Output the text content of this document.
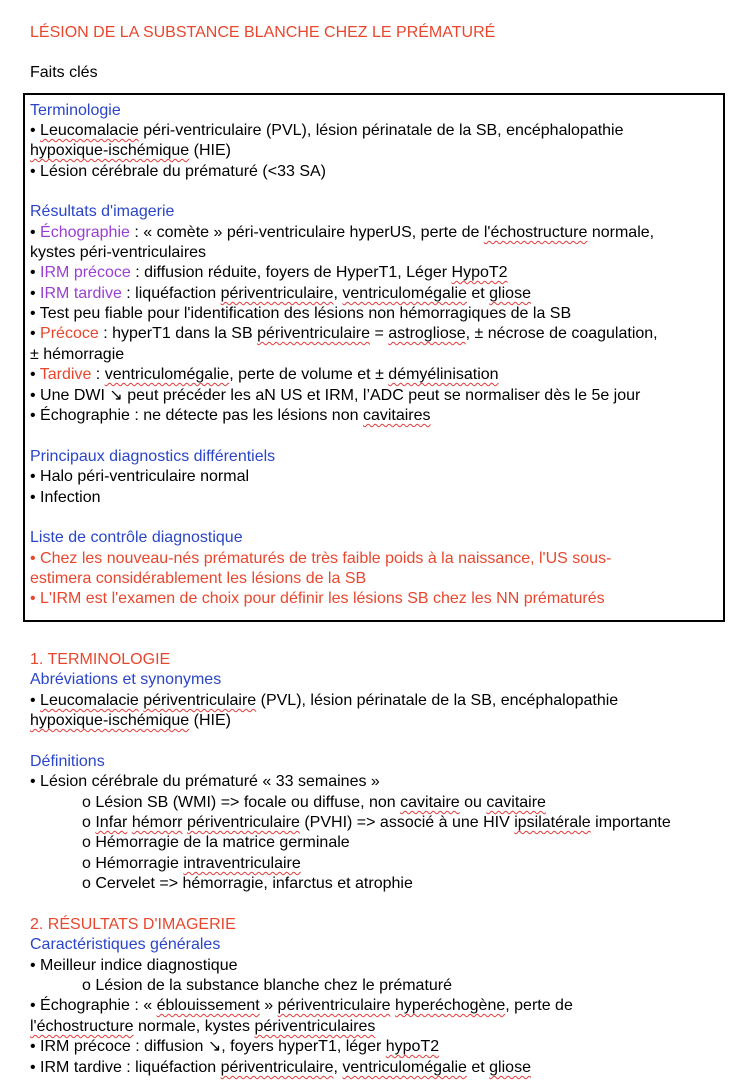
LÉSION DE LA SUBSTANCE BLANCHE CHEZ LE PRÉMATURÉ
Faits clés
Terminologie
• Leucomalacie péri-ventriculaire (PVL), lésion périnatale de la SB, encéphalopathie
hypoxique-ischémique (HIE)
• Lésion cérébrale du prématuré (<33 SA)
Résultats d'imagerie
• Échographie : « comète » péri-ventriculaire hyperUS, perte de l'échostructure normale,
kystes péri-ventriculaires
• IRM précoce : diffusion réduite, foyers de HyperT1, Léger HypoT2
• IRM tardive : liquéfaction périventriculaire, ventriculomégalie et gliose
• Test peu fiable pour l'identification des lésions non hémorragiques de la SB
• Précoce : hyperT1 dans la SB périventriculaire = astrogliose, ± nécrose de coagulation,
± hémorragie
• Tardive : ventriculomégalie, perte de volume et ± démyélinisation
• Une DWI ↘ peut précéder les aN US et IRM, l’ADC peut se normaliser dès le 5e jour
• Échographie : ne détecte pas les lésions non cavitaires
Principaux diagnostics différentiels
• Halo péri-ventriculaire normal
• Infection
Liste de contrôle diagnostique
• Chez les nouveau-nés prématurés de très faible poids à la naissance, l'US sous-
estimera considérablement les lésions de la SB
• L'IRM est l'examen de choix pour définir les lésions SB chez les NN prématurés
1. TERMINOLOGIE
Abréviations et synonymes
• Leucomalacie périventriculaire (PVL), lésion périnatale de la SB, encéphalopathie
hypoxique-ischémique (HIE)
Définitions
• Lésion cérébrale du prématuré « 33 semaines »
o Lésion SB (WMI) => focale ou diffuse, non cavitaire ou cavitaire
o Infar hémorr périventriculaire (PVHI) => associé à une HIV ipsilatérale importante
o Hémorragie de la matrice germinale
o Hémorragie intraventriculaire
o Cervelet => hémorragie, infarctus et atrophie
2. RÉSULTATS D'IMAGERIE
Caractéristiques générales
• Meilleur indice diagnostique
o Lésion de la substance blanche chez le prématuré
• Échographie : « éblouissement » périventriculaire hyperéchogène, perte de
l'échostructure normale, kystes périventriculaires
• IRM précoce : diffusion ↘, foyers hyperT1, léger hypoT2
• IRM tardive : liquéfaction périventriculaire, ventriculomégalie et gliose
